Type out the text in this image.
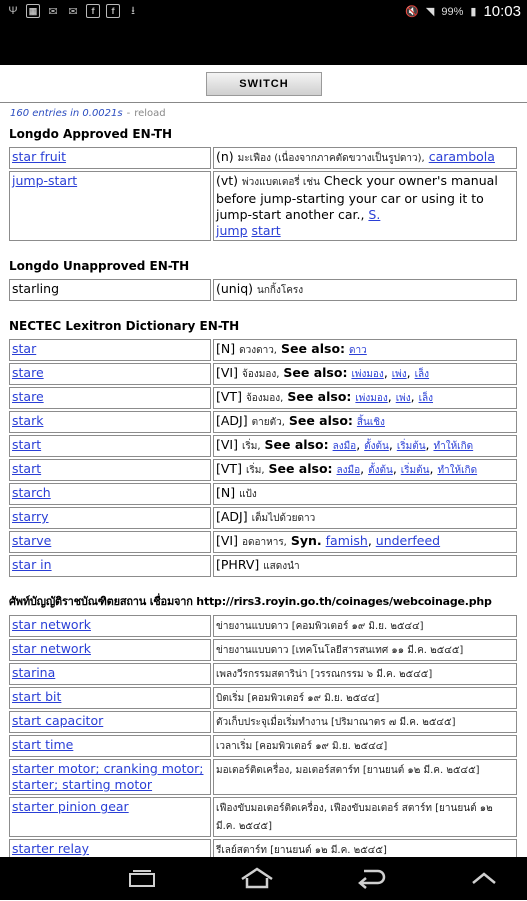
Ψ	▦ ✉ ✉	f	f	⭳	🔇 ◥ 99% ▮ 10:03
SWITCH
160 entries in 0.0021s - reload
Longdo Approved EN-TH
star fruit	(n) มะเฟือง (เนื่องจากภาคตัดขวางเป็นรูปดาว), carambola
jump-start	(vt) พ่วงแบตเตอรี่ เช่น Check your owner's manual before jump-starting your car or using it to jump-start another car., S.
jump start
Longdo Unapproved EN-TH
starling	(uniq) นกกิ้งโครง
NECTEC Lexitron Dictionary EN-TH
star	[N] ดวงดาว, See also: ดาว
stare	[VI] จ้องมอง, See also: เพ่งมอง, เพ่ง, เล็ง
stare	[VT] จ้องมอง, See also: เพ่งมอง, เพ่ง, เล็ง
stark	[ADJ] ตายตัว, See also: สิ้นเชิง
start	[VI] เริ่ม, See also: ลงมือ, ตั้งต้น, เริ่มต้น, ทำให้เกิด
start	[VT] เริ่ม, See also: ลงมือ, ตั้งต้น, เริ่มต้น, ทำให้เกิด
starch	[N] แป้ง
starry	[ADJ] เต็มไปด้วยดาว
starve	[VI] อดอาหาร, Syn. famish, underfeed
star in	[PHRV] แสดงนำ
ศัพท์บัญญัติราชบัณฑิตยสถาน เชื่อมจาก http://rirs3.royin.go.th/coinages/webcoinage.php
star network	ข่ายงานแบบดาว [คอมพิวเตอร์ ๑๙ มิ.ย. ๒๕๔๔]
star network	ข่ายงานแบบดาว [เทคโนโลยีสารสนเทศ ๑๑ มี.ค. ๒๕๔๕]
starina	เพลงวีรกรรมสตาริน่า [วรรณกรรม ๖ มี.ค. ๒๕๔๕]
start bit	บิตเริ่ม [คอมพิวเตอร์ ๑๙ มิ.ย. ๒๕๔๔]
start capacitor	ตัวเก็บประจุเมื่อเริ่มทำงาน [ปริมาณาตร ๗ มี.ค. ๒๕๔๕]
start time	เวลาเริ่ม [คอมพิวเตอร์ ๑๙ มิ.ย. ๒๕๔๔]
starter motor; cranking motor; starter; starting motor	มอเตอร์ติดเครื่อง, มอเตอร์สตาร์ท [ยานยนต์ ๑๒ มี.ค. ๒๕๔๕]
starter pinion gear	เฟืองขับมอเตอร์ติดเครื่อง, เฟืองขับมอเตอร์ สตาร์ท [ยานยนต์ ๑๒ มี.ค. ๒๕๔๕]
starter relay	รีเลย์สตาร์ท [ยานยนต์ ๑๒ มี.ค. ๒๕๔๕]
